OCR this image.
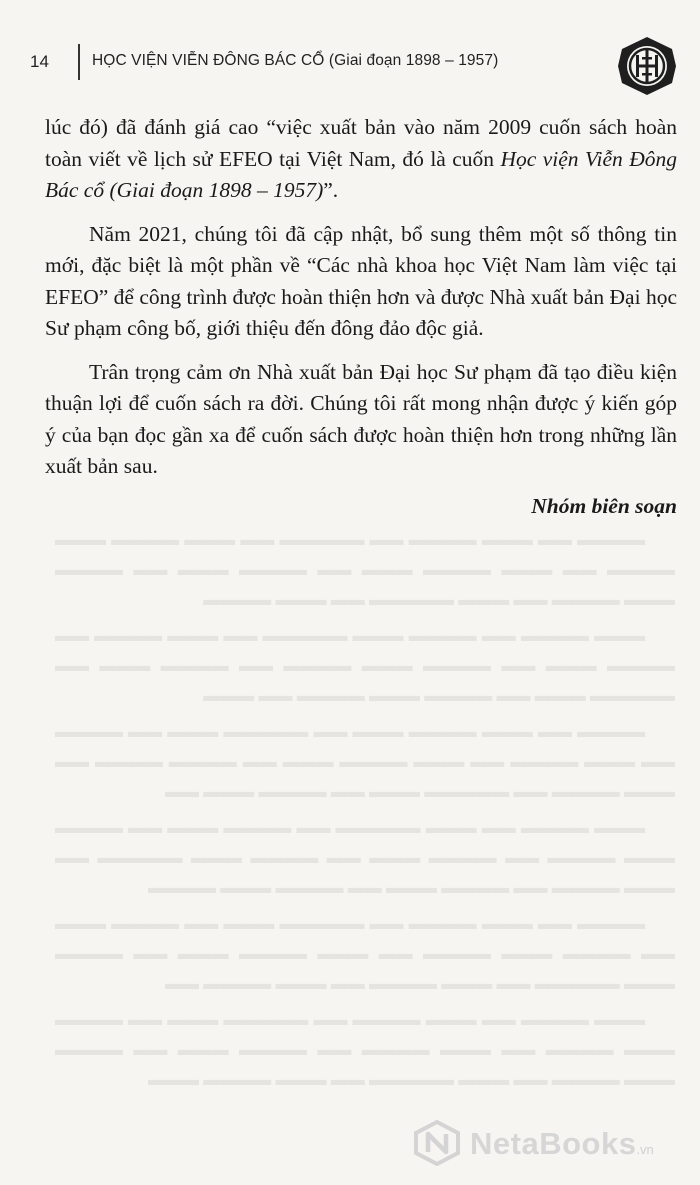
14	HỌC VIỆN VIỄN ĐÔNG BÁC CỔ (Giai đoạn 1898 – 1957)

lúc đó) đã đánh giá cao “việc xuất bản vào năm 2009 cuốn sách hoàn toàn viết về lịch sử EFEO tại Việt Nam, đó là cuốn Học viện Viễn Đông Bác cổ (Giai đoạn 1898 – 1957)”.

Năm 2021, chúng tôi đã cập nhật, bổ sung thêm một số thông tin mới, đặc biệt là một phần về “Các nhà khoa học Việt Nam làm việc tại EFEO” để công trình được hoàn thiện hơn và được Nhà xuất bản Đại học Sư phạm công bố, giới thiệu đến đông đảo độc giả.

Trân trọng cảm ơn Nhà xuất bản Đại học Sư phạm đã tạo điều kiện thuận lợi để cuốn sách ra đời. Chúng tôi rất mong nhận được ý kiến góp ý của bạn đọc gần xa để cuốn sách được hoàn thiện hơn trong những lần xuất bản sau.

Nhóm biên soạn

▬▬▬▬ ▬▬ ▬▬▬ ▬▬▬▬ ▬▬ ▬▬▬▬▬ ▬▬ ▬▬▬ ▬▬▬▬ ▬▬▬ ▬▬▬▬ ▬▬ ▬▬▬ ▬▬▬▬ ▬▬▬ ▬▬ ▬▬▬▬ ▬▬▬ ▬▬ ▬▬▬▬ ▬▬▬ ▬▬▬▬ ▬▬ ▬▬▬ ▬▬▬▬▬ ▬▬ ▬▬▬ ▬▬▬▬

▬▬▬ ▬▬▬▬ ▬▬ ▬▬▬▬ ▬▬▬ ▬▬▬▬▬ ▬▬ ▬▬▬ ▬▬▬▬ ▬▬ ▬▬▬▬ ▬▬▬ ▬▬ ▬▬▬▬ ▬▬▬ ▬▬▬▬ ▬▬ ▬▬▬▬ ▬▬▬ ▬▬ ▬▬▬▬▬ ▬▬▬ ▬▬ ▬▬▬▬ ▬▬▬ ▬▬▬▬ ▬▬ ▬▬▬

▬▬▬▬ ▬▬ ▬▬▬ ▬▬▬▬ ▬▬▬ ▬▬ ▬▬▬▬▬ ▬▬▬ ▬▬ ▬▬▬▬ ▬▬ ▬▬▬ ▬▬▬▬ ▬▬ ▬▬▬ ▬▬▬▬ ▬▬▬ ▬▬ ▬▬▬▬ ▬▬▬▬ ▬▬ ▬▬▬ ▬▬▬▬ ▬▬ ▬▬▬▬▬ ▬▬▬ ▬▬ ▬▬▬▬ ▬▬▬ ▬▬

▬▬▬ ▬▬▬▬ ▬▬ ▬▬▬ ▬▬▬▬▬ ▬▬ ▬▬▬▬ ▬▬▬ ▬▬ ▬▬▬▬ ▬▬▬ ▬▬▬▬ ▬▬ ▬▬▬▬ ▬▬▬ ▬▬ ▬▬▬▬ ▬▬▬ ▬▬▬▬▬ ▬▬ ▬▬▬ ▬▬▬▬ ▬▬ ▬▬▬▬ ▬▬▬ ▬▬ ▬▬▬▬ ▬▬▬ ▬▬▬▬

▬▬▬▬ ▬▬ ▬▬▬ ▬▬▬▬ ▬▬ ▬▬▬▬▬ ▬▬▬ ▬▬ ▬▬▬▬ ▬▬▬ ▬▬ ▬▬▬▬ ▬▬▬ ▬▬▬▬ ▬▬ ▬▬▬ ▬▬▬▬ ▬▬▬ ▬▬ ▬▬▬▬ ▬▬▬ ▬▬▬▬▬ ▬▬ ▬▬▬ ▬▬▬▬ ▬▬ ▬▬▬ ▬▬▬▬ ▬▬

▬▬▬ ▬▬▬▬ ▬▬ ▬▬▬ ▬▬▬▬ ▬▬ ▬▬▬▬▬ ▬▬▬ ▬▬ ▬▬▬▬ ▬▬▬ ▬▬▬▬ ▬▬ ▬▬▬ ▬▬▬▬ ▬▬ ▬▬▬▬ ▬▬▬ ▬▬ ▬▬▬▬ ▬▬▬ ▬▬▬▬ ▬▬ ▬▬▬ ▬▬▬▬▬ ▬▬ ▬▬▬ ▬▬▬▬ ▬▬▬

NetaBooks.vn
